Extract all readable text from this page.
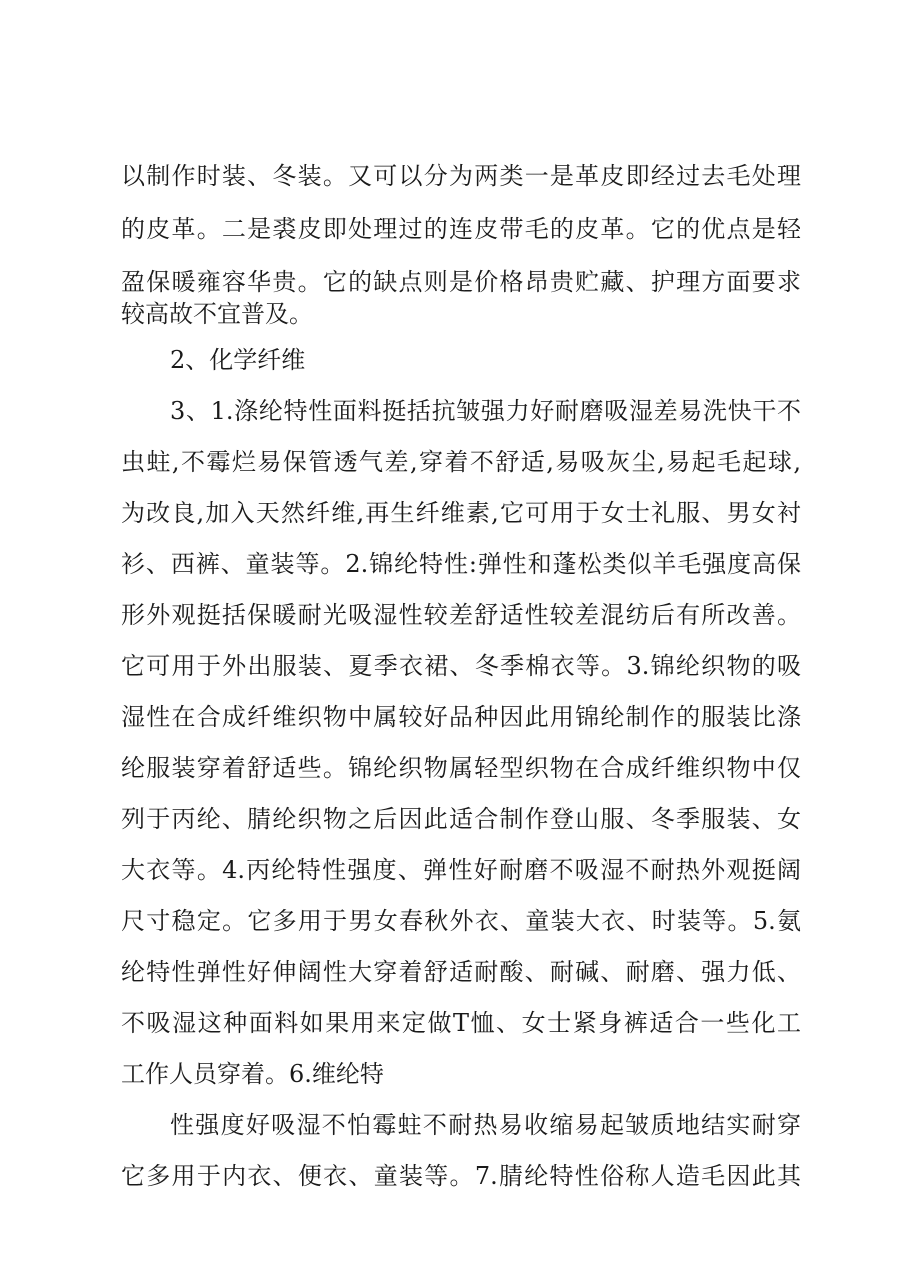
以制作时装、冬装。又可以分为两类一是革皮即经过去毛处理
的皮革。二是裘皮即处理过的连皮带毛的皮革。它的优点是轻
盈保暖雍容华贵。它的缺点则是价格昂贵贮藏、护理方面要求
较高故不宜普及。
2、化学纤维
3、1.涤纶特性面料挺括抗皱强力好耐磨吸湿差易洗快干不
虫蛀,不霉烂易保管透气差,穿着不舒适,易吸灰尘,易起毛起球,
为改良,加入天然纤维,再生纤维素,它可用于女士礼服、男女衬
衫、西裤、童装等。2.锦纶特性:弹性和蓬松类似羊毛强度高保
形外观挺括保暖耐光吸湿性较差舒适性较差混纺后有所改善。
它可用于外出服装、夏季衣裙、冬季棉衣等。3.锦纶织物的吸
湿性在合成纤维织物中属较好品种因此用锦纶制作的服装比涤
纶服装穿着舒适些。锦纶织物属轻型织物在合成纤维织物中仅
列于丙纶、腈纶织物之后因此适合制作登山服、冬季服装、女
大衣等。4.丙纶特性强度、弹性好耐磨不吸湿不耐热外观挺阔
尺寸稳定。它多用于男女春秋外衣、童装大衣、时装等。5.氨
纶特性弹性好伸阔性大穿着舒适耐酸、耐碱、耐磨、强力低、
不吸湿这种面料如果用来定做T恤、女士紧身裤适合一些化工
工作人员穿着。6.维纶特
性强度好吸湿不怕霉蛀不耐热易收缩易起皱质地结实耐穿
它多用于内衣、便衣、童装等。7.腈纶特性俗称人造毛因此其
